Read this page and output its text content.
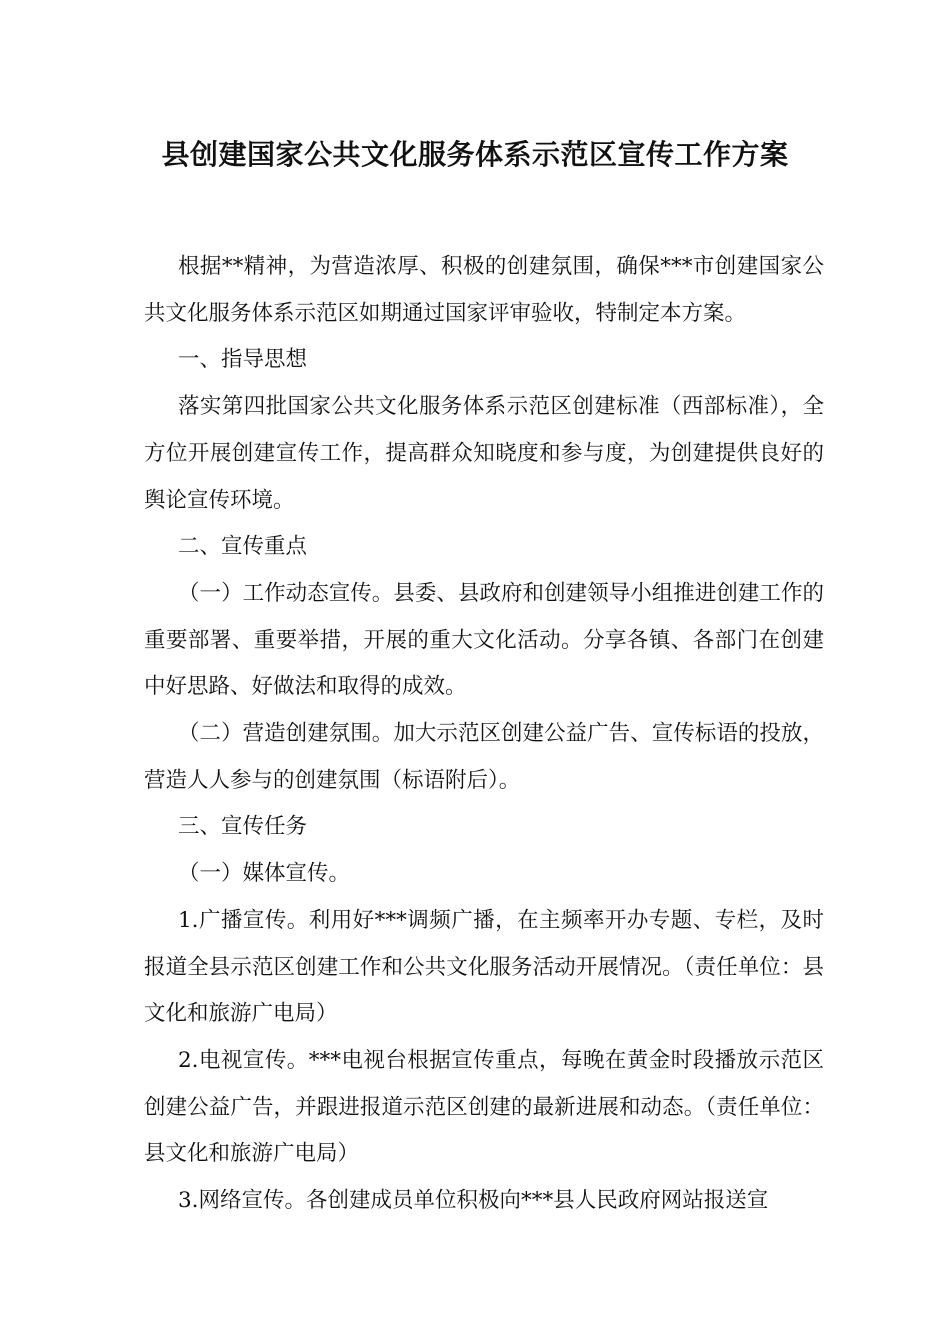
县创建国家公共文化服务体系示范区宣传工作方案

根据**精神，为营造浓厚、积极的创建氛围，确保***市创建国家公共文化服务体系示范区如期通过国家评审验收，特制定本方案。

一、指导思想

落实第四批国家公共文化服务体系示范区创建标准（西部标准），全方位开展创建宣传工作，提高群众知晓度和参与度，为创建提供良好的舆论宣传环境。

二、宣传重点

（一）工作动态宣传。县委、县政府和创建领导小组推进创建工作的重要部署、重要举措，开展的重大文化活动。分享各镇、各部门在创建中好思路、好做法和取得的成效。

（二）营造创建氛围。加大示范区创建公益广告、宣传标语的投放，营造人人参与的创建氛围（标语附后）。

三、宣传任务

（一）媒体宣传。

1.广播宣传。利用好***调频广播，在主频率开办专题、专栏，及时报道全县示范区创建工作和公共文化服务活动开展情况。（责任单位：县文化和旅游广电局）

2.电视宣传。***电视台根据宣传重点，每晚在黄金时段播放示范区创建公益广告，并跟进报道示范区创建的最新进展和动态。（责任单位：县文化和旅游广电局）

3.网络宣传。各创建成员单位积极向***县人民政府网站报送宣
